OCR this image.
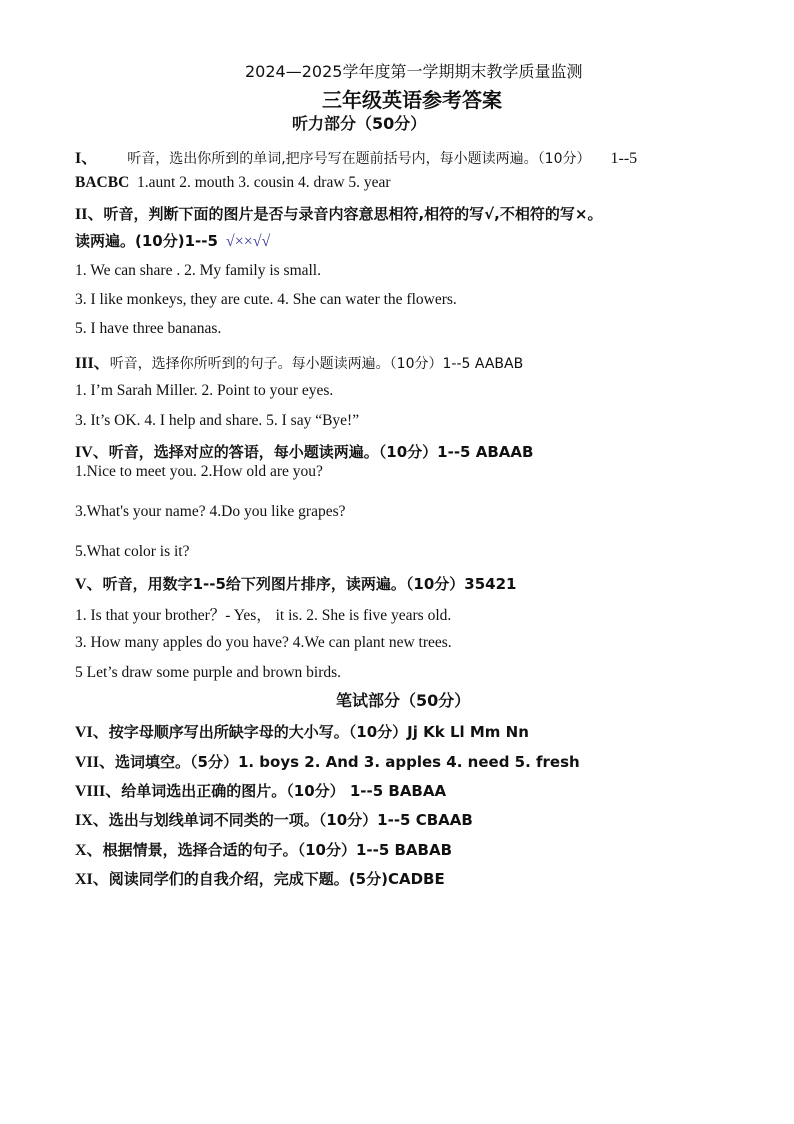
2024—2025学年度第一学期期末教学质量监测
三年级英语参考答案
听力部分（50分）
I、 听音，选出你所到的单词,把序号写在题前括号内，每小题读两遍。（10分） 1--5
BACBC 1.aunt 2. mouth 3. cousin 4. draw 5. year
II、听音，判断下面的图片是否与录音内容意思相符,相符的写√,不相符的写×。
读两遍。(10分)1--5 √××√√
1. We can share . 2. My family is small.
3. I like monkeys, they are cute. 4. She can water the flowers.
5. I have three bananas.
III、听音，选择你所听到的句子。每小题读两遍。（10分）1--5 AABAB
1. I’m Sarah Miller. 2. Point to your eyes.
3. It’s OK. 4. I help and share. 5. I say “Bye!”
IV、听音，选择对应的答语，每小题读两遍。（10分）1--5 ABAAB
1.Nice to meet you. 2.How old are you?
3.What's your name? 4.Do you like grapes?
5.What color is it?
V、听音，用数字1--5给下列图片排序，读两遍。（10分）35421
1. Is that your brother？- Yes， it is. 2. She is five years old.
3. How many apples do you have? 4.We can plant new trees.
5 Let’s draw some purple and brown birds.
笔试部分（50分）
VI、按字母顺序写出所缺字母的大小写。（10分）Jj Kk Ll Mm Nn
VII、选词填空。（5分）1. boys 2. And 3. apples 4. need 5. fresh
VIII、给单词选出正确的图片。（10分） 1--5 BABAA
IX、选出与划线单词不同类的一项。（10分）1--5 CBAAB
X、根据情景，选择合适的句子。（10分）1--5 BABAB
XI、阅读同学们的自我介绍，完成下题。(5分)CADBE
